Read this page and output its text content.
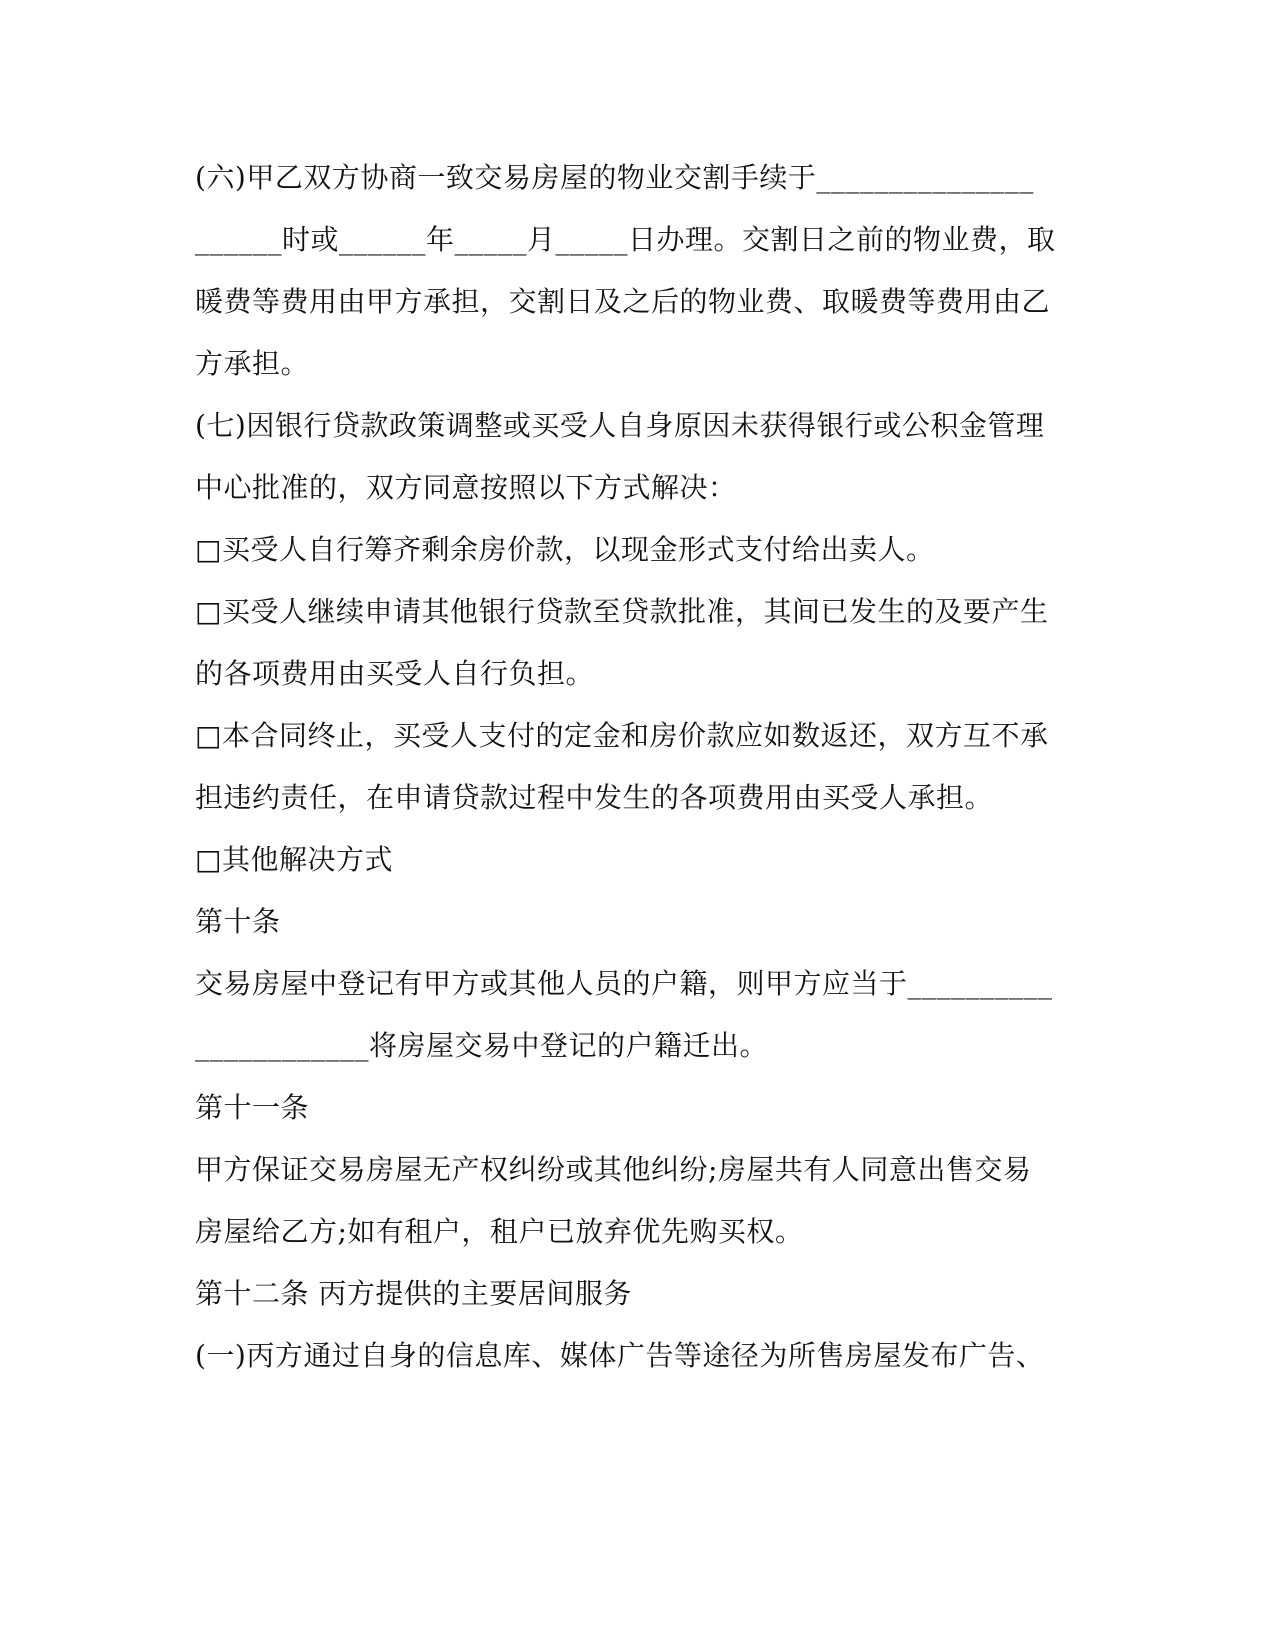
(六)甲乙双方协商一致交易房屋的物业交割手续于_______________
______时或______年_____月_____日办理。交割日之前的物业费，取
暖费等费用由甲方承担，交割日及之后的物业费、取暖费等费用由乙
方承担。
(七)因银行贷款政策调整或买受人自身原因未获得银行或公积金管理
中心批准的，双方同意按照以下方式解决：
□买受人自行筹齐剩余房价款，以现金形式支付给出卖人。
□买受人继续申请其他银行贷款至贷款批准，其间已发生的及要产生
的各项费用由买受人自行负担。
□本合同终止，买受人支付的定金和房价款应如数返还，双方互不承
担违约责任，在申请贷款过程中发生的各项费用由买受人承担。
□其他解决方式
第十条
交易房屋中登记有甲方或其他人员的户籍，则甲方应当于__________
____________将房屋交易中登记的户籍迁出。
第十一条
甲方保证交易房屋无产权纠纷或其他纠纷;房屋共有人同意出售交易
房屋给乙方;如有租户，租户已放弃优先购买权。
第十二条 丙方提供的主要居间服务
(一)丙方通过自身的信息库、媒体广告等途径为所售房屋发布广告、
